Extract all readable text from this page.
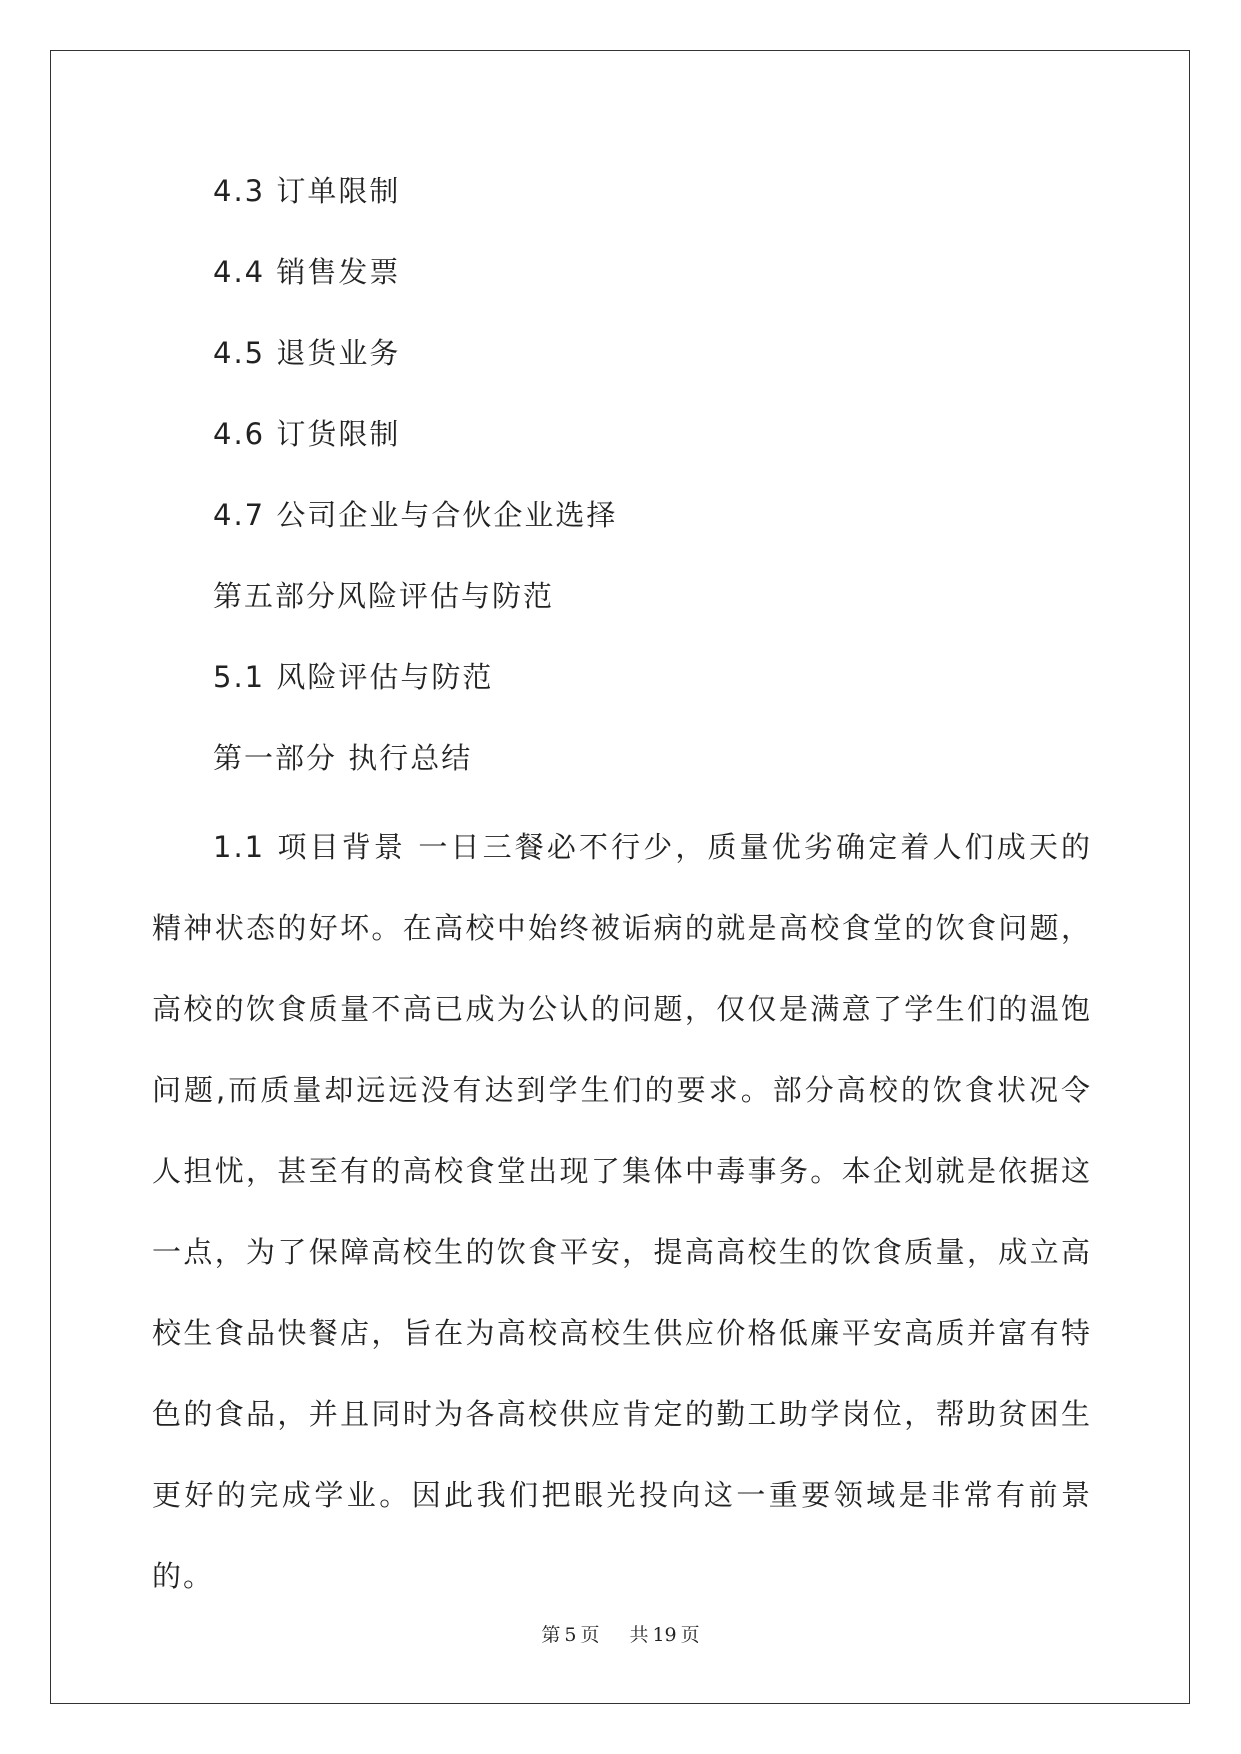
4.3 订单限制
4.4 销售发票
4.5 退货业务
4.6 订货限制
4.7 公司企业与合伙企业选择
第五部分风险评估与防范
5.1 风险评估与防范
第一部分 执行总结

1.1 项目背景 一日三餐必不行少，质量优劣确定着人们成天的精神状态的好坏。在高校中始终被诟病的就是高校食堂的饮食问题，高校的饮食质量不高已成为公认的问题，仅仅是满意了学生们的温饱问题,而质量却远远没有达到学生们的要求。部分高校的饮食状况令人担忧，甚至有的高校食堂出现了集体中毒事务。本企划就是依据这一点，为了保障高校生的饮食平安，提高高校生的饮食质量，成立高校生食品快餐店，旨在为高校高校生供应价格低廉平安高质并富有特色的食品，并且同时为各高校供应肯定的勤工助学岗位，帮助贫困生更好的完成学业。因此我们把眼光投向这一重要领域是非常有前景的。

第 5 页 共 19 页
